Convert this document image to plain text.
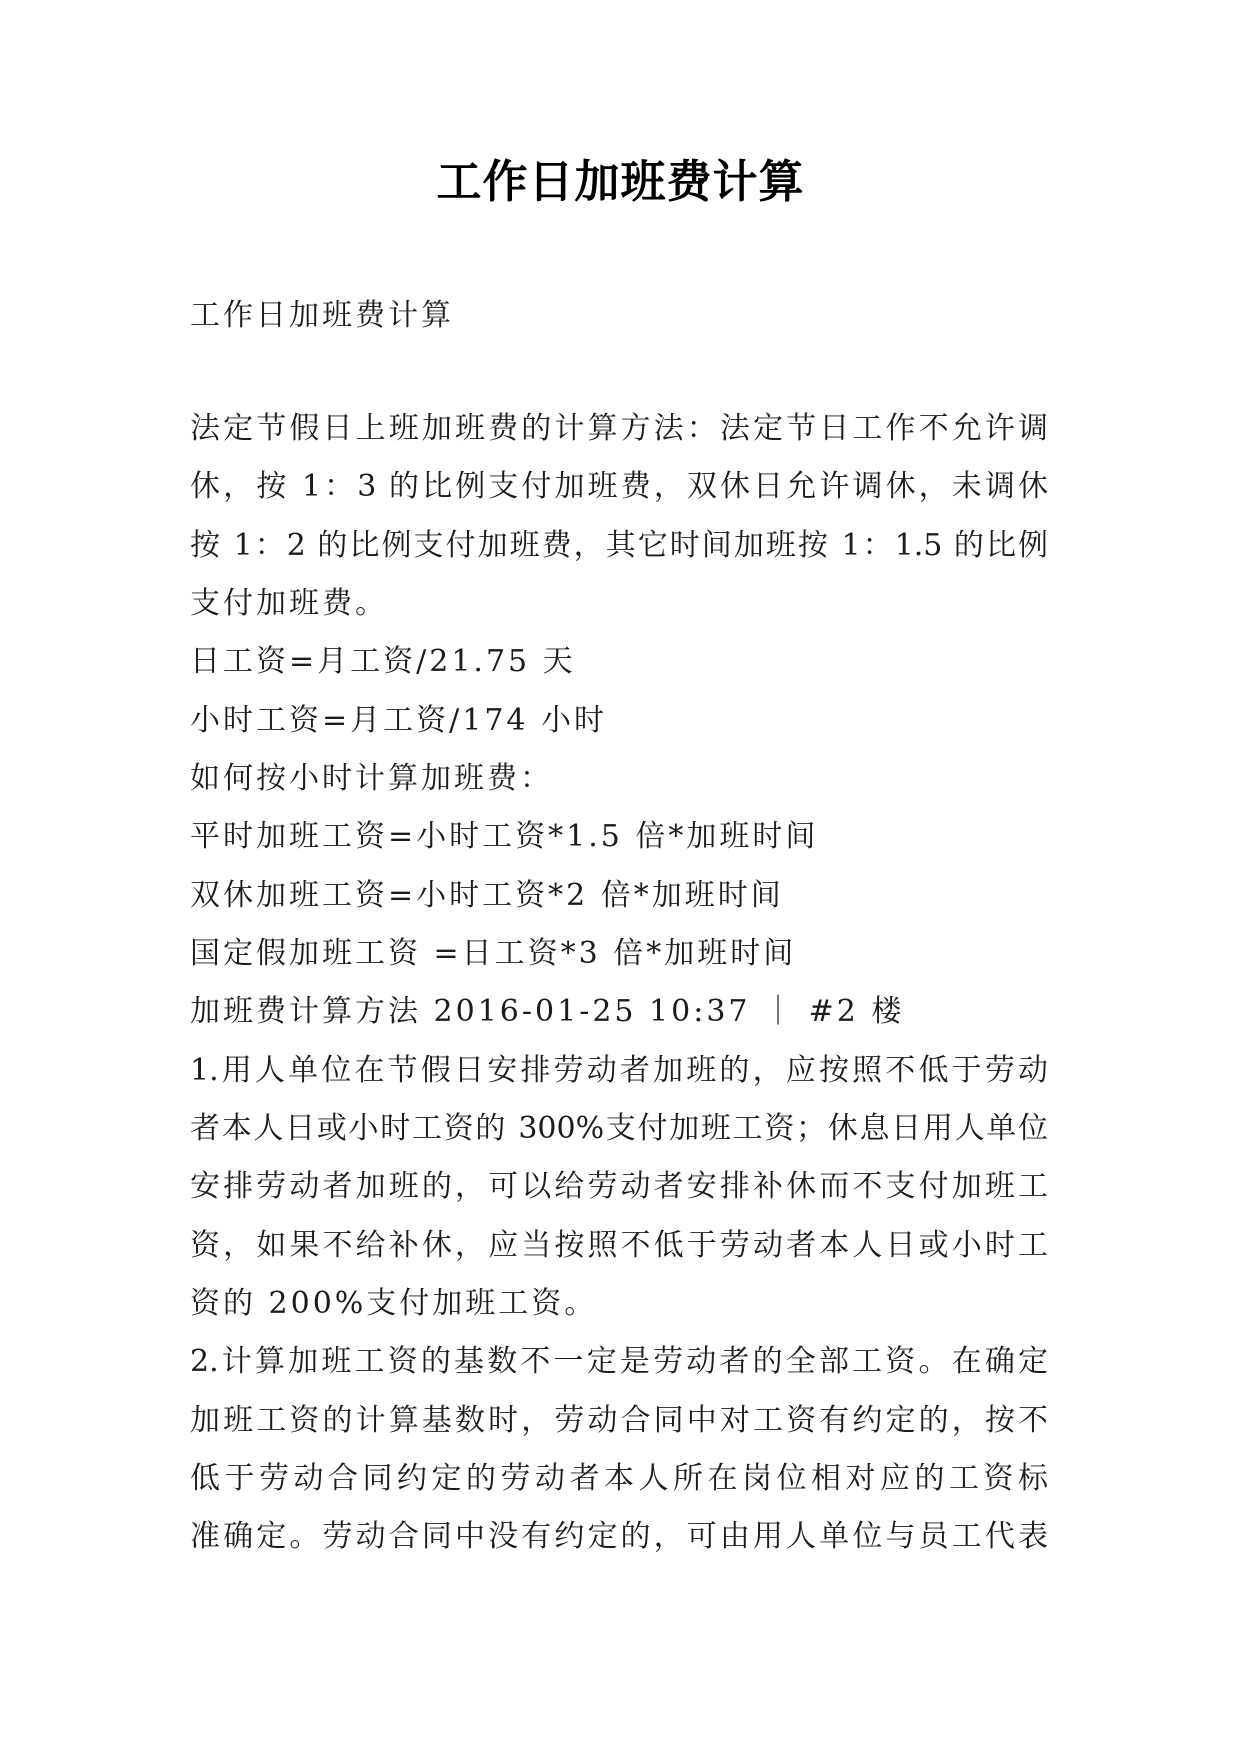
工作日加班费计算
工作日加班费计算
法定节假日上班加班费的计算方法：法定节日工作不允许调
休，按 1：3 的比例支付加班费，双休日允许调休，未调休
按 1：2 的比例支付加班费，其它时间加班按 1：1.5 的比例
支付加班费。
日工资=月工资/21.75 天
小时工资=月工资/174 小时
如何按小时计算加班费：
平时加班工资=小时工资*1.5 倍*加班时间
双休加班工资=小时工资*2 倍*加班时间
国定假加班工资 =日工资*3 倍*加班时间
加班费计算方法 2016-01-25 10:37 ｜ #2 楼
1.用人单位在节假日安排劳动者加班的，应按照不低于劳动
者本人日或小时工资的 300%支付加班工资；休息日用人单位
安排劳动者加班的，可以给劳动者安排补休而不支付加班工
资，如果不给补休，应当按照不低于劳动者本人日或小时工
资的 200%支付加班工资。
2.计算加班工资的基数不一定是劳动者的全部工资。在确定
加班工资的计算基数时，劳动合同中对工资有约定的，按不
低于劳动合同约定的劳动者本人所在岗位相对应的工资标
准确定。劳动合同中没有约定的，可由用人单位与员工代表
